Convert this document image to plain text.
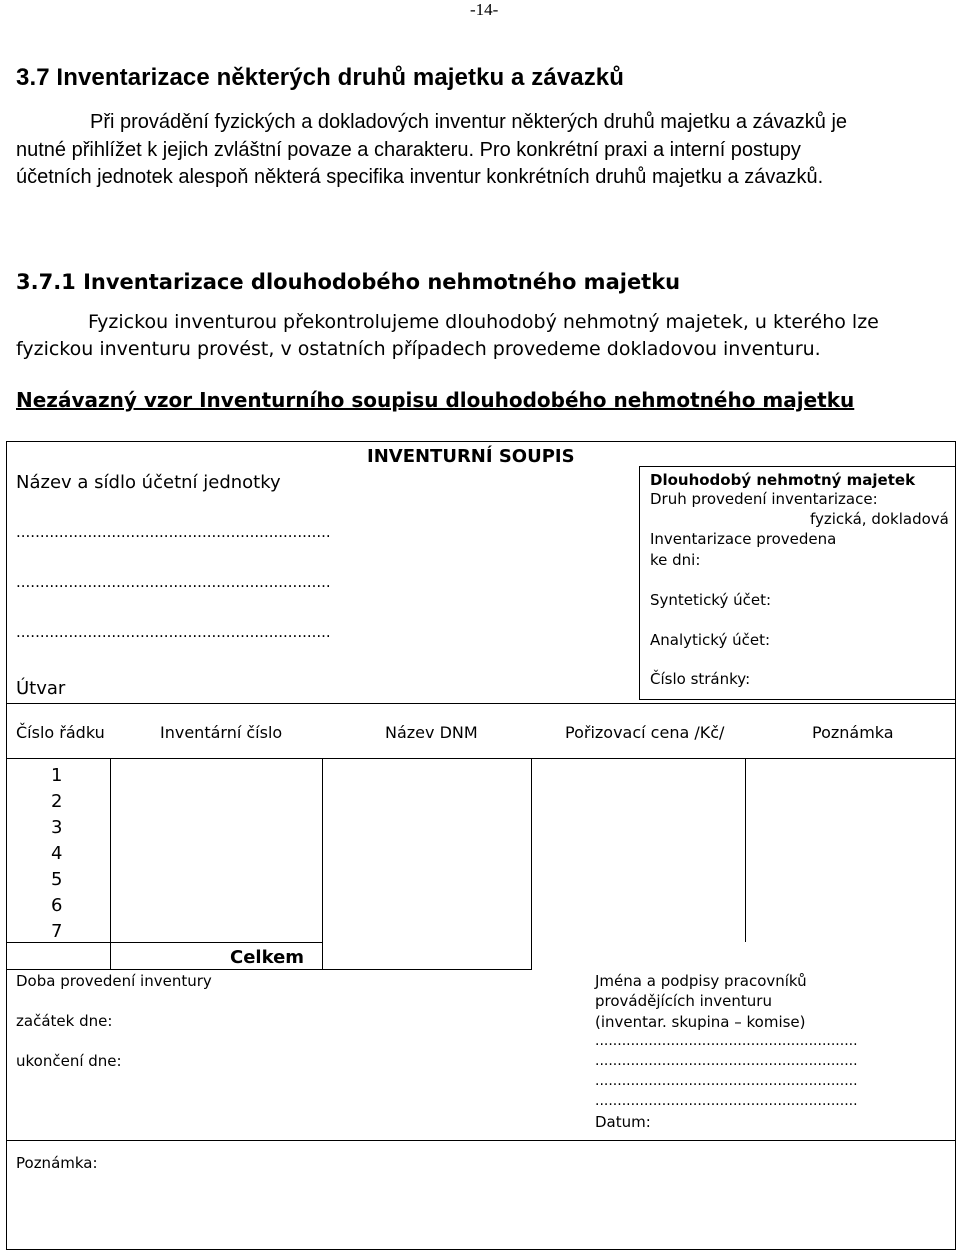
-14-
3.7 Inventarizace některých druhů majetku a závazků
Při provádění fyzických a dokladových inventur některých druhů majetku a závazků je
nutné přihlížet k jejich zvláštní povaze a charakteru. Pro konkrétní praxi a interní postupy
účetních jednotek alespoň některá specifika inventur konkrétních druhů majetku a závazků.
3.7.1 Inventarizace dlouhodobého nehmotného majetku
Fyzickou inventurou překontrolujeme dlouhodobý nehmotný majetek, u kterého lze
fyzickou inventuru provést, v ostatních případech provedeme dokladovou inventuru.
Nezávazný vzor Inventurního soupisu dlouhodobého nehmotného majetku
INVENTURNÍ SOUPIS
Název a sídlo účetní jednotky
..................................................................
..................................................................
..................................................................
Útvar
Dlouhodobý nehmotný majetek
Druh provedení inventarizace:
fyzická, dokladová
Inventarizace provedena
ke dni:
Syntetický účet:
Analytický účet:
Číslo stránky:
Číslo řádku	Inventární číslo	Název DNM	Pořizovací cena /Kč/	Poznámka
1
2
3
4
5
6
7
Celkem
Doba provedení inventury
začátek dne:
ukončení dne:
Jména a podpisy pracovníků
provádějících inventuru
(inventar. skupina – komise)
...........................................................
...........................................................
...........................................................
...........................................................
Datum:
Poznámka:
